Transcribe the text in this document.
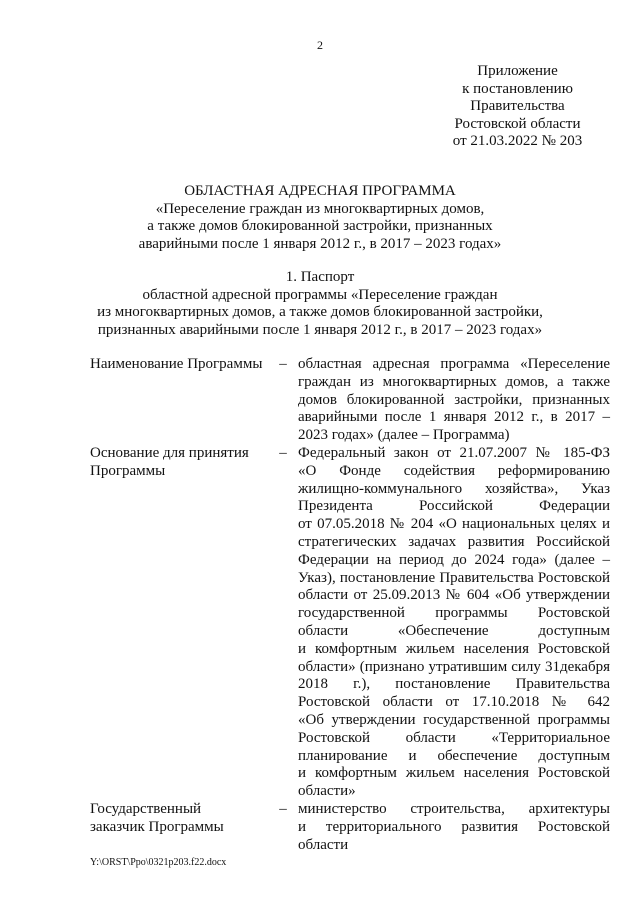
2
Приложение
к постановлению
Правительства
Ростовской области
от 21.03.2022 № 203
ОБЛАСТНАЯ АДРЕСНАЯ ПРОГРАММА
«Переселение граждан из многоквартирных домов,
а также домов блокированной застройки, признанных
аварийными после 1 января 2012 г., в 2017 – 2023 годах»
1. Паспорт
областной адресной программы «Переселение граждан
из многоквартирных домов, а также домов блокированной застройки,
признанных аварийными после 1 января 2012 г., в 2017 – 2023 годах»
Наименование Программы – областная адресная программа «Переселение
граждан из многоквартирных домов, а также
домов блокированной застройки, признанных
аварийными после 1 января 2012 г., в 2017 –
2023 годах» (далее – Программа)
Основание для принятия
Программы
– Федеральный закон от 21.07.2007 № 185-ФЗ
«О Фонде содействия реформированию
жилищно-коммунального хозяйства», Указ
Президента Российской Федерации
от 07.05.2018 № 204 «О национальных целях и
стратегических задачах развития Российской
Федерации на период до 2024 года» (далее –
Указ), постановление Правительства Ростовской
области от 25.09.2013 № 604 «Об утверждении
государственной программы Ростовской
области «Обеспечение доступным
и комфортным жильем населения Ростовской
области» (признано утратившим силу 31декабря
2018 г.), постановление Правительства
Ростовской области от 17.10.2018 № 642
«Об утверждении государственной программы
Ростовской области «Территориальное
планирование и обеспечение доступным
и комфортным жильем населения Ростовской
области»
Государственный
заказчик Программы
– министерство строительства, архитектуры
и территориального развития Ростовской
области
Y:\ORST\Ppo\0321p203.f22.docx
